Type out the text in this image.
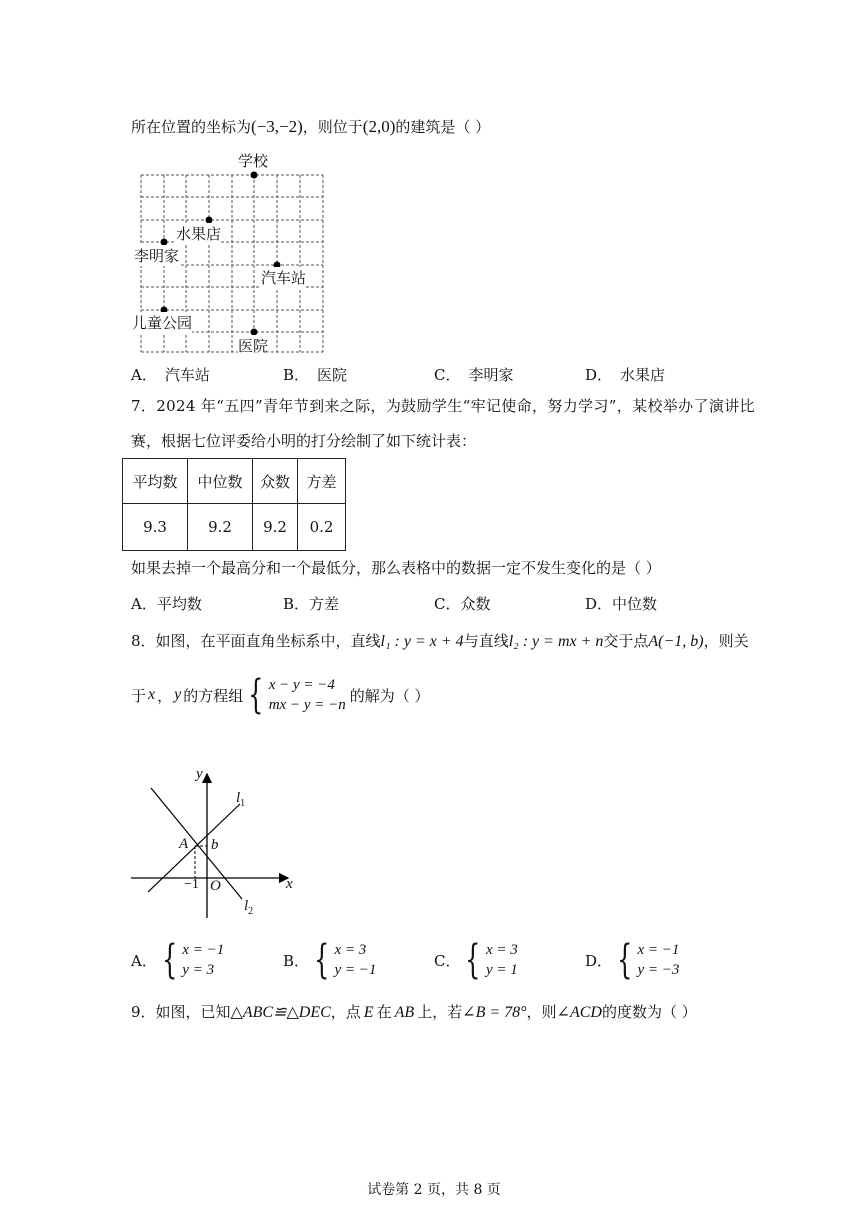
所在位置的坐标为(−3,−2)，则位于(2,0)的建筑是（ ）
学校
水果店
李明家
汽车站
儿童公园
医院
A． 汽车站	B． 医院	C． 李明家	D． 水果店
7．2024 年“五四”青年节到来之际，为鼓励学生“牢记使命，努力学习”，某校举办了演讲比
赛，根据七位评委给小明的打分绘制了如下统计表：
平均数	中位数	众数	方差
9.3	9.2	9.2	0.2
如果去掉一个最高分和一个最低分，那么表格中的数据一定不发生变化的是（ ）
A．平均数	B．方差	C．众数	D．中位数
8．如图，在平面直角坐标系中，直线l₁ : y = x + 4与直线l₂ : y = mx + n交于点A(−1, b)，则关
于 x ， y 的方程组 { x − y = −4
mx − y = −n
的解为（ ）
y
x
O
$l_1$
$l_2$
A b
−1
A． { x = −1
y = 3
B． { x = 3
y = −1
C． { x = 3
y = 1
D． { x = −1
y = −3
9．如图，已知△ABC≌△DEC，点 E 在 AB 上，若∠B = 78°，则∠ACD的度数为（ ）
试卷第 2 页，共 8 页
